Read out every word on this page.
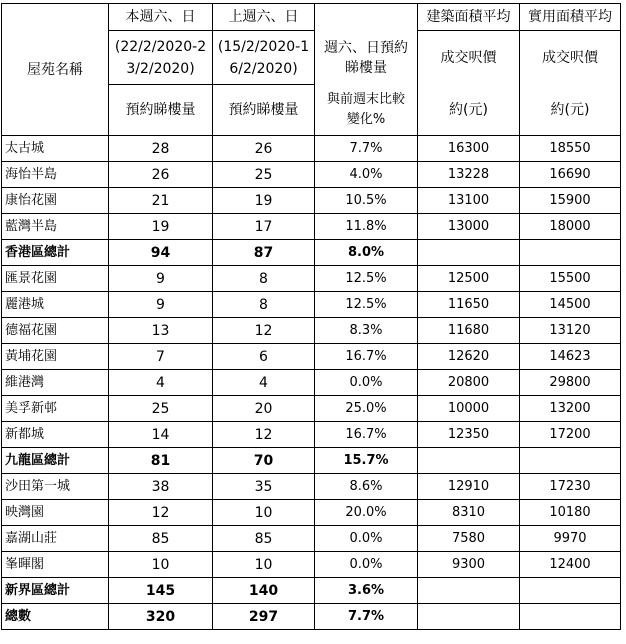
屋苑名稱	本週六、日	上週六、日		建築面積平均	實用面積平均
	(22/2/2020-23/2/2020)	(15/2/2020-16/2/2020)	週六、日預約睇樓量	成交呎價	成交呎價
	預約睇樓量	預約睇樓量	與前週末比較變化%	約(元)	約(元)
太古城	28	26	7.7%	16300	18550
海怡半島	26	25	4.0%	13228	16690
康怡花園	21	19	10.5%	13100	15900
藍灣半島	19	17	11.8%	13000	18000
香港區總計	94	87	8.0%		
匯景花園	9	8	12.5%	12500	15500
麗港城	9	8	12.5%	11650	14500
德福花園	13	12	8.3%	11680	13120
黃埔花園	7	6	16.7%	12620	14623
維港灣	4	4	0.0%	20800	29800
美孚新邨	25	20	25.0%	10000	13200
新都城	14	12	16.7%	12350	17200
九龍區總計	81	70	15.7%		
沙田第一城	38	35	8.6%	12910	17230
映灣園	12	10	20.0%	8310	10180
嘉湖山莊	85	85	0.0%	7580	9970
峯暉閣	10	10	0.0%	9300	12400
新界區總計	145	140	3.6%		
總數	320	297	7.7%		
